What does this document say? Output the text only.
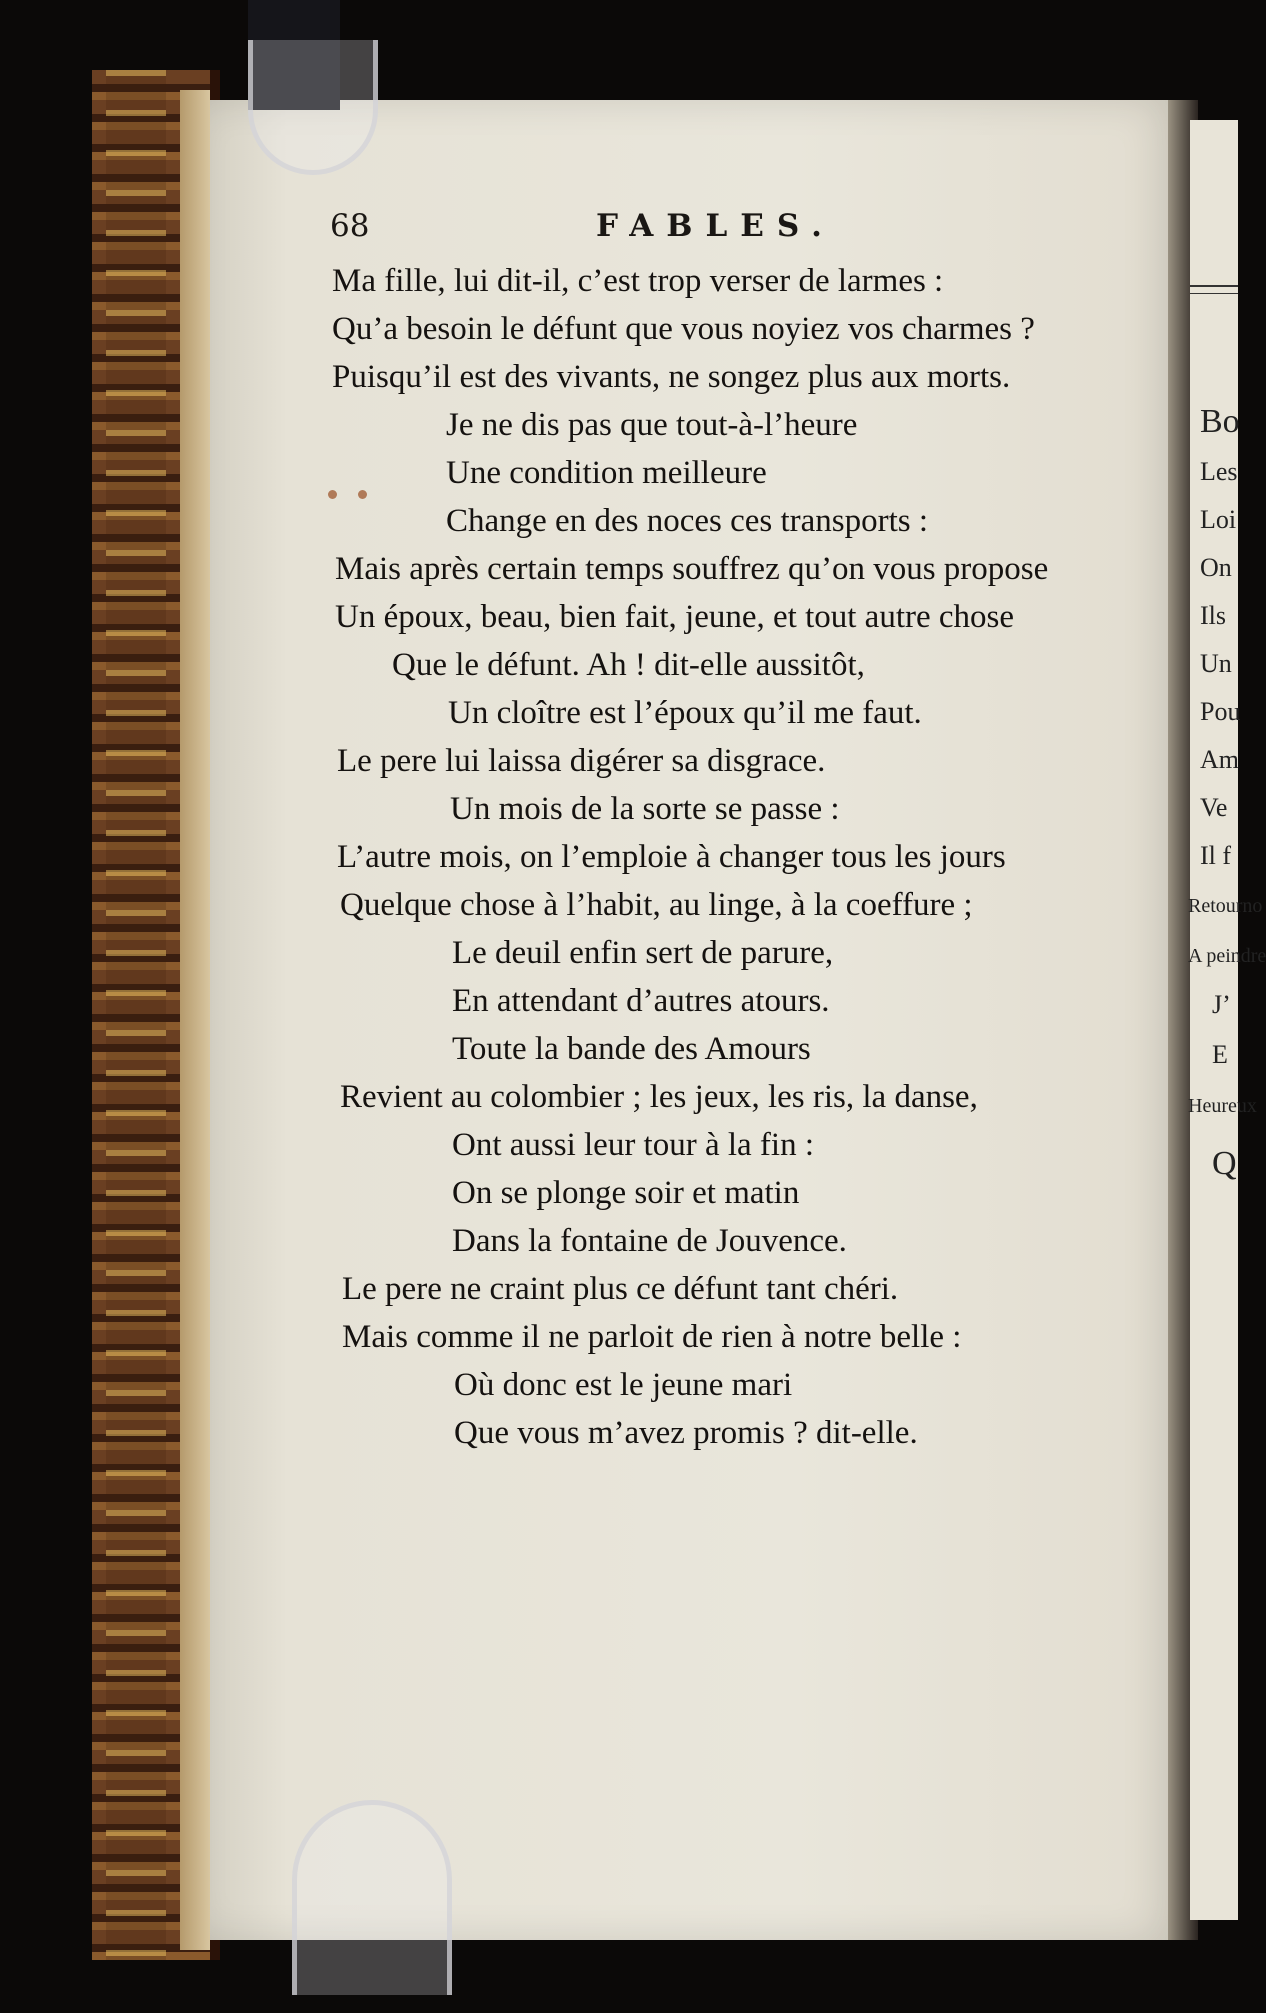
Bo
Les
Loi
On
Ils
Un
Pou
Am
Ve
Il f
Retourno
A peindre
J’
E
Heureux
Q
68	FABLES.
Ma fille, lui dit-il, c’est trop verser de larmes :
Qu’a besoin le défunt que vous noyiez vos charmes ?
Puisqu’il est des vivants, ne songez plus aux morts.
Je ne dis pas que tout-à-l’heure
Une condition meilleure
Change en des noces ces transports :
Mais après certain temps souffrez qu’on vous propose
Un époux, beau, bien fait, jeune, et tout autre chose
Que le défunt. Ah ! dit-elle aussitôt,
Un cloître est l’époux qu’il me faut.
Le pere lui laissa digérer sa disgrace.
Un mois de la sorte se passe :
L’autre mois, on l’emploie à changer tous les jours
Quelque chose à l’habit, au linge, à la coeffure ;
Le deuil enfin sert de parure,
En attendant d’autres atours.
Toute la bande des Amours
Revient au colombier ; les jeux, les ris, la danse,
Ont aussi leur tour à la fin :
On se plonge soir et matin
Dans la fontaine de Jouvence.
Le pere ne craint plus ce défunt tant chéri.
Mais comme il ne parloit de rien à notre belle :
Où donc est le jeune mari
Que vous m’avez promis ? dit-elle.
